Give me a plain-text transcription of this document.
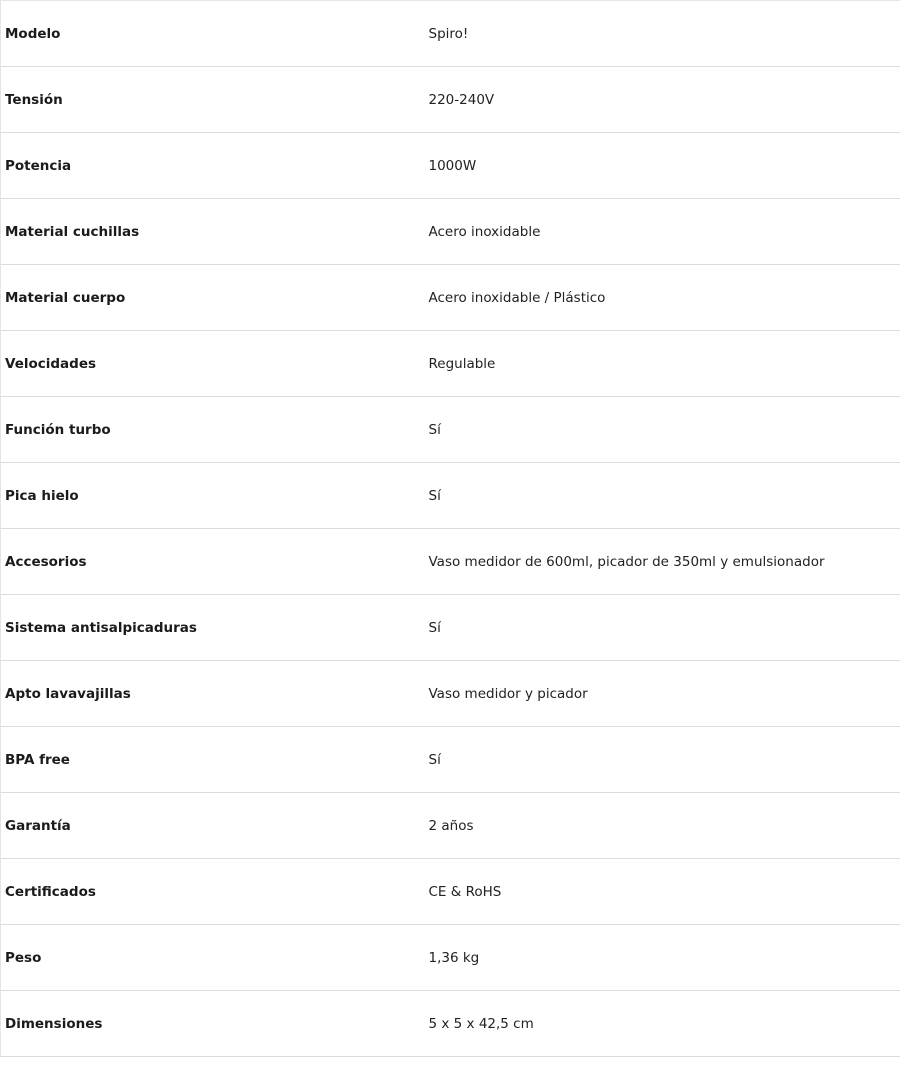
Modelo	Spiro!
Tensión	220-240V
Potencia	1000W
Material cuchillas	Acero inoxidable
Material cuerpo	Acero inoxidable / Plástico
Velocidades	Regulable
Función turbo	Sí
Pica hielo	Sí
Accesorios	Vaso medidor de 600ml, picador de 350ml y emulsionador
Sistema antisalpicaduras	Sí
Apto lavavajillas	Vaso medidor y picador
BPA free	Sí
Garantía	2 años
Certificados	CE & RoHS
Peso	1,36 kg
Dimensiones	5 x 5 x 42,5 cm
